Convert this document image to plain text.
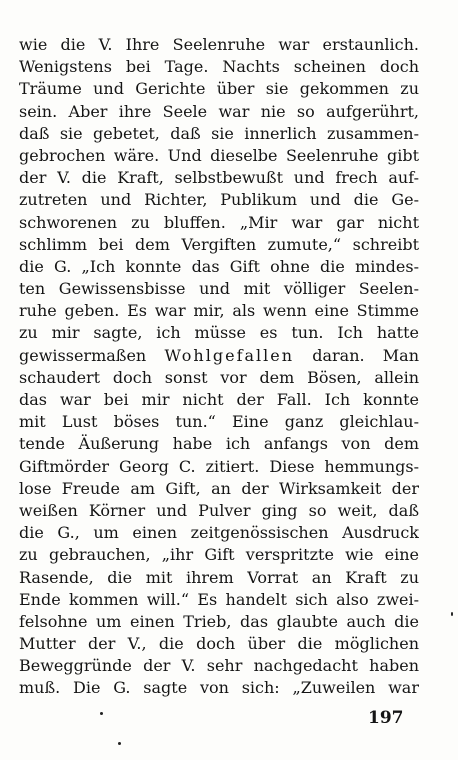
wie die V. Ihre Seelenruhe war erstaunlich.
Wenigstens bei Tage. Nachts scheinen doch
Träume und Gerichte über sie gekommen zu
sein. Aber ihre Seele war nie so aufgerührt,
daß sie gebetet, daß sie innerlich zusammen-
gebrochen wäre. Und dieselbe Seelenruhe gibt
der V. die Kraft, selbstbewußt und frech auf-
zutreten und Richter, Publikum und die Ge-
schworenen zu bluffen. „Mir war gar nicht
schlimm bei dem Vergiften zumute,“ schreibt
die G. „Ich konnte das Gift ohne die mindes-
ten Gewissensbisse und mit völliger Seelen-
ruhe geben. Es war mir, als wenn eine Stimme
zu mir sagte, ich müsse es tun. Ich hatte
gewissermaßen Wohlgefallen daran. Man
schaudert doch sonst vor dem Bösen, allein
das war bei mir nicht der Fall. Ich konnte
mit Lust böses tun.“ Eine ganz gleichlau-
tende Äußerung habe ich anfangs von dem
Giftmörder Georg C. zitiert. Diese hemmungs-
lose Freude am Gift, an der Wirksamkeit der
weißen Körner und Pulver ging so weit, daß
die G., um einen zeitgenössischen Ausdruck
zu gebrauchen, „ihr Gift verspritzte wie eine
Rasende, die mit ihrem Vorrat an Kraft zu
Ende kommen will.“ Es handelt sich also zwei-
felsohne um einen Trieb, das glaubte auch die
Mutter der V., die doch über die möglichen
Beweggründe der V. sehr nachgedacht haben
muß. Die G. sagte von sich: „Zuweilen war
197
